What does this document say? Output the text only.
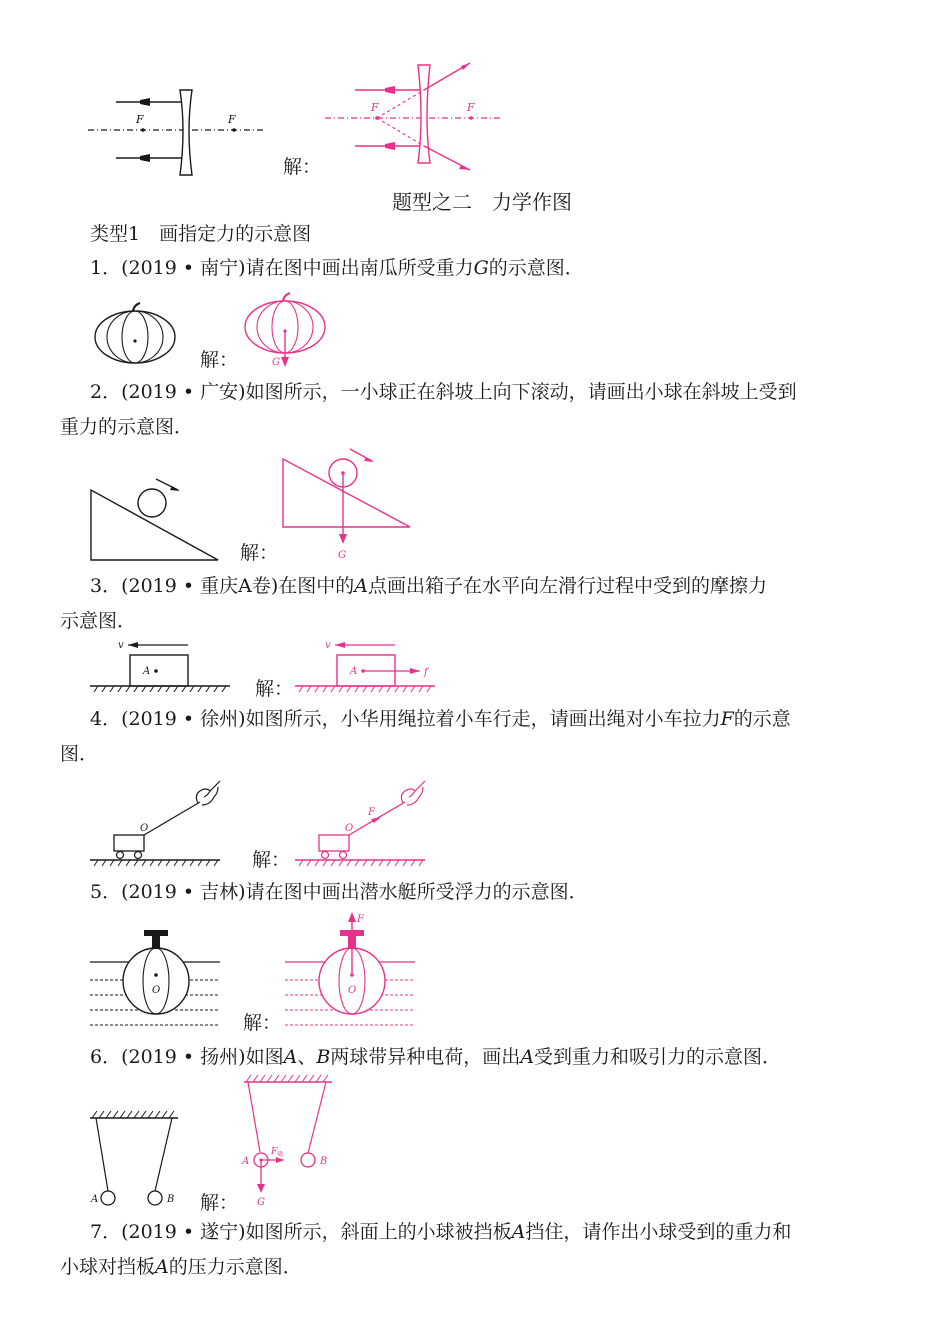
F	F
解：
F	F
题型之二　力学作图
类型1　画指定力的示意图
1．(2019 • 南宁)请在图中画出南瓜所受重力G的示意图．
解：	G
2．(2019 • 广安)如图所示，一小球正在斜坡上向下滚动，请画出小球在斜坡上受到
重力的示意图．
解：	G
3．(2019 • 重庆A卷)在图中的A点画出箱子在水平向左滑行过程中受到的摩擦力
示意图．
v
A
解：
v
A	f
4．(2019 • 徐州)如图所示，小华用绳拉着小车行走，请画出绳对小车拉力F的示意
图．
O
解：
O
F
5．(2019 • 吉林)请在图中画出潜水艇所受浮力的示意图．
O
解：
F
O
6．(2019 • 扬州)如图A、B两球带异种电荷，画出A受到重力和吸引力的示意图．
A	B 解：
$F_吸$
G
A	B
7．(2019 • 遂宁)如图所示，斜面上的小球被挡板A挡住，请作出小球受到的重力和
小球对挡板A的压力示意图．
